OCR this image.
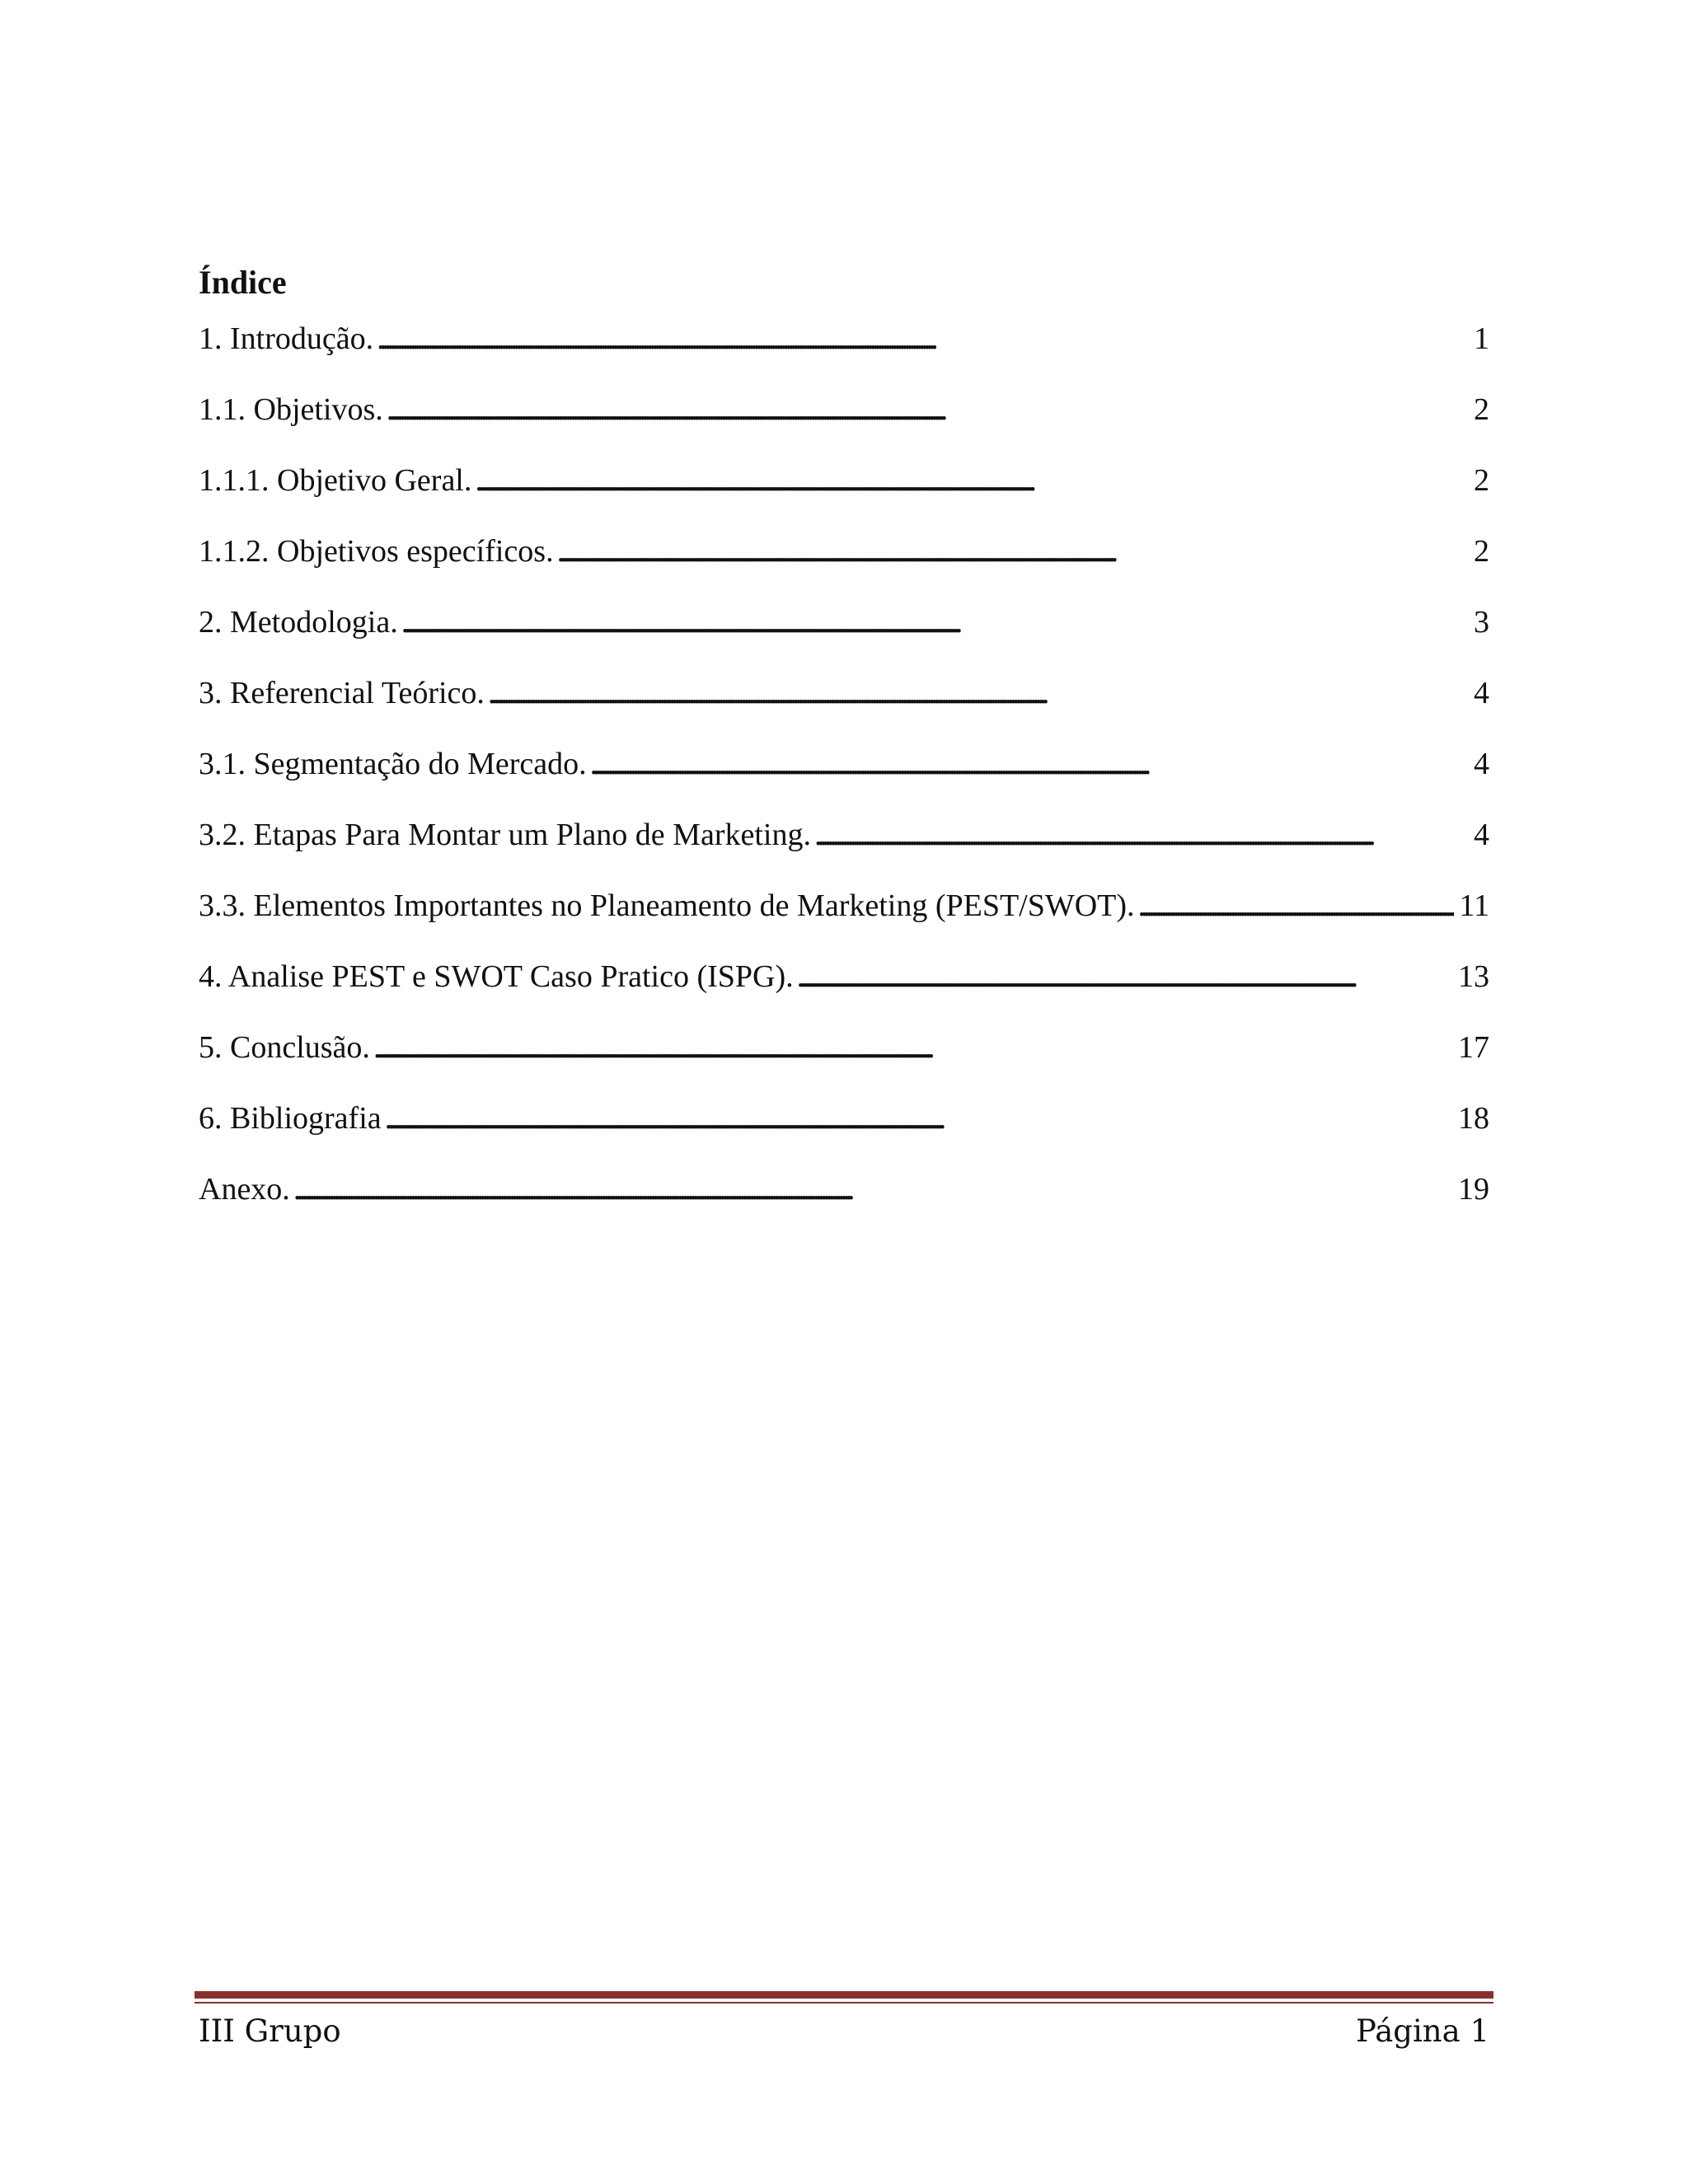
Índice
1. Introdução. . . .	1
1.1. Objetivos. . . .	2
1.1.1. Objetivo Geral. . . .	2
1.1.2. Objetivos específicos. . . .	2
2. Metodologia. . . .	3
3. Referencial Teórico. . . .	4
3.1. Segmentação do Mercado. . . .	4
3.2. Etapas Para Montar um Plano de Marketing. . . .	4
3.3. Elementos Importantes no Planeamento de Marketing (PEST/SWOT). . . .	11
4. Analise PEST e SWOT Caso Pratico (ISPG). . . .	13
5. Conclusão. . . .	17
6. Bibliografia . . .	18
Anexo. . . .	19
III Grupo	Página 1
